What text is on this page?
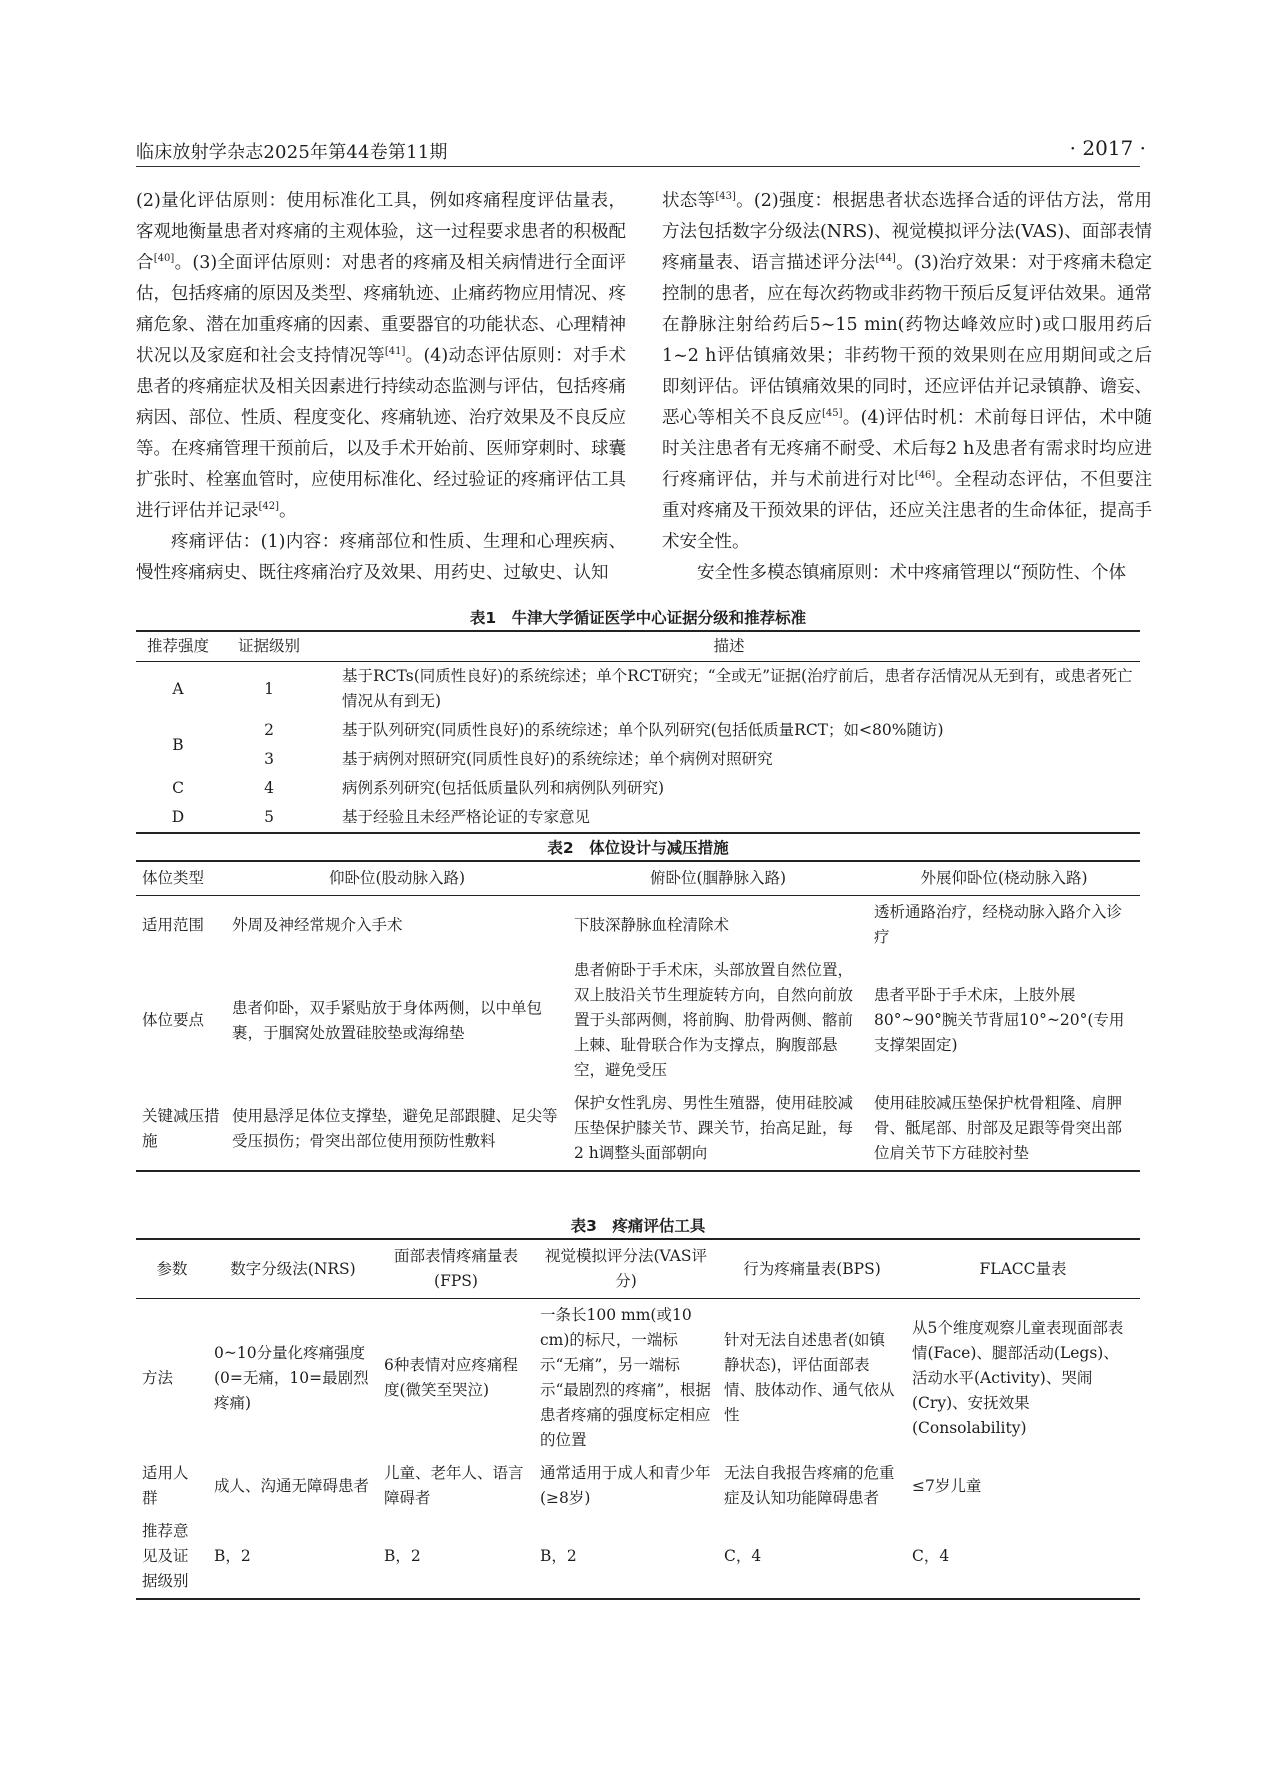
临床放射学杂志2025年第44卷第11期	· 2017 ·

(2)量化评估原则：使用标准化工具，例如疼痛程度评估量表，客观地衡量患者对疼痛的主观体验，这一过程要求患者的积极配合[40]。(3)全面评估原则：对患者的疼痛及相关病情进行全面评估，包括疼痛的原因及类型、疼痛轨迹、止痛药物应用情况、疼痛危象、潜在加重疼痛的因素、重要器官的功能状态、心理精神状况以及家庭和社会支持情况等[41]。(4)动态评估原则：对手术患者的疼痛症状及相关因素进行持续动态监测与评估，包括疼痛病因、部位、性质、程度变化、疼痛轨迹、治疗效果及不良反应等。在疼痛管理干预前后，以及手术开始前、医师穿刺时、球囊扩张时、栓塞血管时，应使用标准化、经过验证的疼痛评估工具进行评估并记录[42]。

疼痛评估：(1)内容：疼痛部位和性质、生理和心理疾病、慢性疼痛病史、既往疼痛治疗及效果、用药史、过敏史、认知

状态等[43]。(2)强度：根据患者状态选择合适的评估方法，常用方法包括数字分级法(NRS)、视觉模拟评分法(VAS)、面部表情疼痛量表、语言描述评分法[44]。(3)治疗效果：对于疼痛未稳定控制的患者，应在每次药物或非药物干预后反复评估效果。通常在静脉注射给药后5~15 min(药物达峰效应时)或口服用药后1~2 h评估镇痛效果；非药物干预的效果则在应用期间或之后即刻评估。评估镇痛效果的同时，还应评估并记录镇静、谵妄、恶心等相关不良反应[45]。(4)评估时机：术前每日评估，术中随时关注患者有无疼痛不耐受、术后每2 h及患者有需求时均应进行疼痛评估，并与术前进行对比[46]。全程动态评估，不但要注重对疼痛及干预效果的评估，还应关注患者的生命体征，提高手术安全性。

安全性多模态镇痛原则：术中疼痛管理以“预防性、个体

表1　牛津大学循证医学中心证据分级和推荐标准
推荐强度	证据级别	描述
A	1	基于RCTs(同质性良好)的系统综述；单个RCT研究；“全或无”证据(治疗前后，患者存活情况从无到有，或患者死亡情况从有到无)
B	2	基于队列研究(同质性良好)的系统综述；单个队列研究(包括低质量RCT；如<80%随访)
	3	基于病例对照研究(同质性良好)的系统综述；单个病例对照研究
C	4	病例系列研究(包括低质量队列和病例队列研究)
D	5	基于经验且未经严格论证的专家意见
表2　体位设计与减压措施
体位类型	仰卧位(股动脉入路)	俯卧位(腘静脉入路)	外展仰卧位(桡动脉入路)
适用范围	外周及神经常规介入手术	下肢深静脉血栓清除术	透析通路治疗，经桡动脉入路介入诊疗
体位要点	患者仰卧，双手紧贴放于身体两侧，以中单包裹，于腘窝处放置硅胶垫或海绵垫	患者俯卧于手术床，头部放置自然位置，双上肢沿关节生理旋转方向，自然向前放置于头部两侧，将前胸、肋骨两侧、髂前上棘、耻骨联合作为支撑点，胸腹部悬空，避免受压	患者平卧于手术床，上肢外展80°~90°腕关节背屈10°~20°(专用支撑架固定)
关键减压措施	使用悬浮足体位支撑垫，避免足部跟腱、足尖等受压损伤；骨突出部位使用预防性敷料	保护女性乳房、男性生殖器，使用硅胶减压垫保护膝关节、踝关节，抬高足趾，每2 h调整头面部朝向	使用硅胶减压垫保护枕骨粗隆、肩胛骨、骶尾部、肘部及足跟等骨突出部位肩关节下方硅胶衬垫
表3　疼痛评估工具
参数	数字分级法(NRS)	面部表情疼痛量表(FPS)	视觉模拟评分法(VAS评分)	行为疼痛量表(BPS)	FLACC量表
方法	0~10分量化疼痛强度(0=无痛，10=最剧烈疼痛)	6种表情对应疼痛程度(微笑至哭泣)	一条长100 mm(或10 cm)的标尺，一端标示“无痛”，另一端标示“最剧烈的疼痛”，根据患者疼痛的强度标定相应的位置	针对无法自述患者(如镇静状态)，评估面部表情、肢体动作、通气依从性	从5个维度观察儿童表现面部表情(Face)、腿部活动(Legs)、活动水平(Activity)、哭闹(Cry)、安抚效果(Consolability)
适用人群	成人、沟通无障碍患者	儿童、老年人、语言障碍者	通常适用于成人和青少年(≥8岁)	无法自我报告疼痛的危重症及认知功能障碍患者	≤7岁儿童
推荐意见及证据级别	B，2	B，2	B，2	C，4	C，4
